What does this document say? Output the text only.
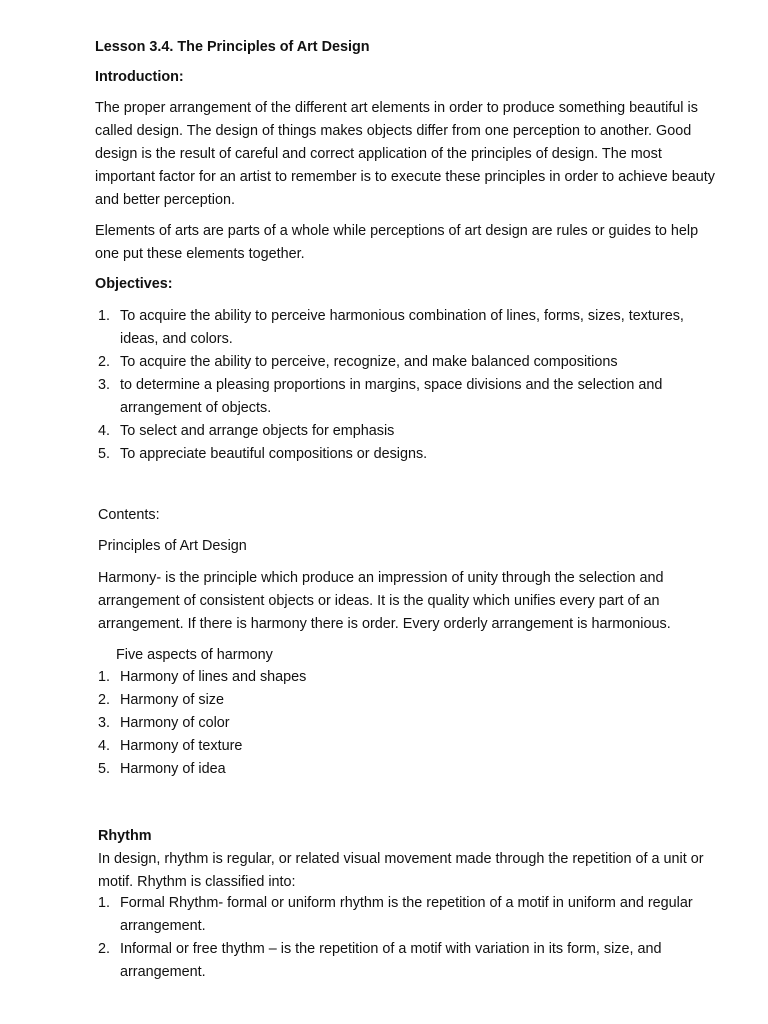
Lesson 3.4. The Principles of Art Design

Introduction:

The proper arrangement of the different art elements in order to produce something beautiful is called design. The design of things makes objects differ from one perception to another. Good design is the result of careful and correct application of the principles of design. The most important factor for an artist to remember is to execute these principles in order to achieve beauty and better perception.

Elements of arts are parts of a whole while perceptions of art design are rules or guides to help one put these elements together.

Objectives:

1. To acquire the ability to perceive harmonious combination of lines, forms, sizes, textures, ideas, and colors.
2. To acquire the ability to perceive, recognize, and make balanced compositions
3. to determine a pleasing proportions in margins, space divisions and the selection and arrangement of objects.
4. To select and arrange objects for emphasis
5. To appreciate beautiful compositions or designs.

Contents:

Principles of Art Design

Harmony- is the principle which produce an impression of unity through the selection and arrangement of consistent objects or ideas. It is the quality which unifies every part of an arrangement. If there is harmony there is order. Every orderly arrangement is harmonious.

Five aspects of harmony

1. Harmony of lines and shapes
2. Harmony of size
3. Harmony of color
4. Harmony of texture
5. Harmony of idea

Rhythm

In design, rhythm is regular, or related visual movement made through the repetition of a unit or motif. Rhythm is classified into:

1. Formal Rhythm- formal or uniform rhythm is the repetition of a motif in uniform and regular arrangement.
2. Informal or free thythm – is the repetition of a motif with variation in its form, size, and arrangement.
